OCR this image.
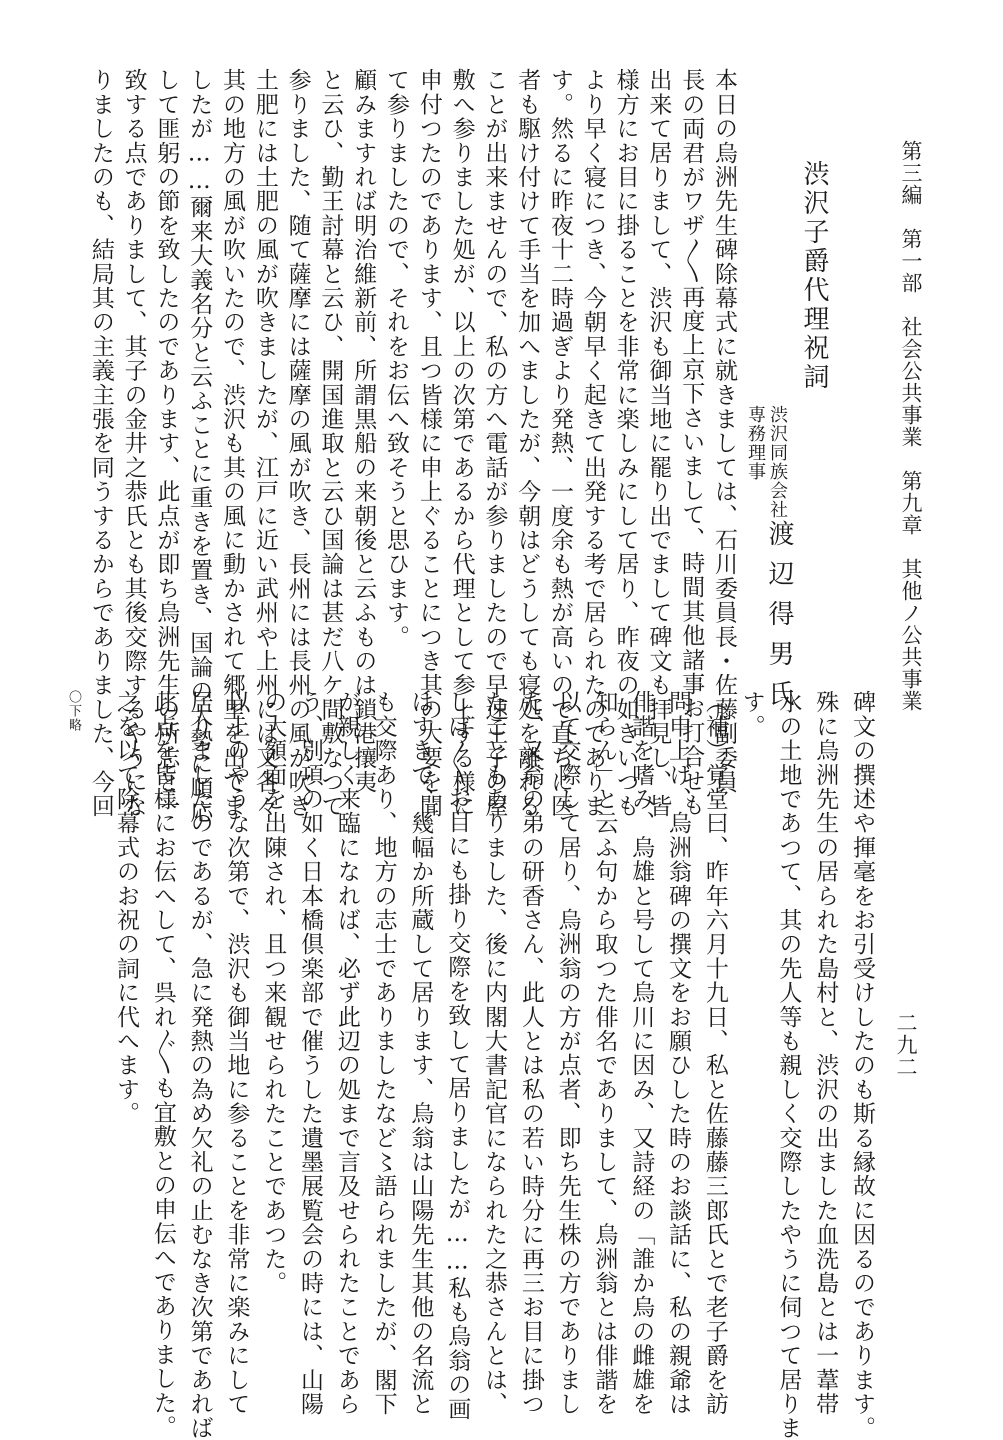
第三編　第一部　社会公共事業　第九章　其他ノ公共事業
二九二
渋沢子爵代理祝詞
渋沢同族会社
専務理事
渡辺得男氏
本日の烏洲先生碑除幕式に就きましては、石川委員長・佐藤副委員
長の両君がワザ〳〵再度上京下さいまして、時間其他諸事お打合せも
出来て居りまして、渋沢も御当地に罷り出でまして碑文も拝見し、皆
様方にお目に掛ることを非常に楽しみにして居り、昨夜の如きいつも
より早く寝につき、今朝早く起きて出発する考で居られたのでありま
す。然るに昨夜十二時過ぎより発熱、一度余も熱が高いので直ちに医
者も駆け付けて手当を加へましたが、今朝はどうしても寝処を離れる
ことが出来ませんので、私の方へ電話が参りましたので早速王子の屋
敷へ参りました処が、以上の次第であるから代理として参上する様に
申付つたのであります、且つ皆様に申上ぐることにつき其の大要を聞
て参りましたので、それをお伝へ致そうと思ひます。
顧みますれば明治維新前、所謂黒船の来朝後と云ふものは鎖港攘夷
と云ひ、勤王討幕と云ひ、開国進取と云ひ国論は甚だ八ケ間敷なつて
参りました、随て薩摩には薩摩の風が吹き、長州には長州の風が吹き
土肥には土肥の風が吹きましたが、江戸に近い武州や上州には又各々
其の地方の風が吹いたので、渋沢も其の風に動かされて郷里を出でま
したが……爾来大義名分と云ふことに重きを置き、国論の大勢に順応
して匪躬の節を致したのであります、此点が即ち烏洲先生の所志と一
致する点でありまして、其子の金井之恭氏とも其後交際するやうにな
りましたのも、結局其の主義主張を同うするからでありました、今回
碑文の撰述や揮毫をお引受けしたのも斯る縁故に因るのであります。
殊に烏洲先生の居られた島村と、渋沢の出ました血洗島とは一葦帯
水の土地であつて、其の先人等も親しく交際したやうに伺つて居りま
す。
（補）覚堂曰、昨年六月十九日、私と佐藤藤三郎氏とで老子爵を訪
問申上げ、烏洲翁碑の撰文をお願ひした時のお談話に、私の親爺は
俳諧を嗜み、烏雄と号して烏川に因み、又詩経の「誰か烏の雌雄を
知らん」と云ふ句から取つた俳名でありまして、烏洲翁とは俳諧を
以て交際して居り、烏洲翁の方が点者、即ち先生株の方でありまし
た、又翁の弟の研香さん、此人とは私の若い時分に再三お目に掛つ
たこともありました、後に内閣大書記官になられた之恭さんとは、
しば〳〵お目にも掛り交際を致して居りましたが……私も烏翁の画
はすきで、幾幅か所蔵して居ります、烏翁は山陽先生其他の名流と
も交際あり、地方の志士でありましたなど〻語られましたが、閣下
が親しく来臨になれば、必ず此辺の処まで言及せられたことであら
う、別項の如く日本橋倶楽部で催うした遺墨展覧会の時には、山陽
の大額面を出陳され、且つ来観せられたことであつた。
以上のやうな次第で、渋沢も御当地に参ることを非常に楽みにして
居りましたのであるが、急に発熱の為め欠礼の止むなき次第であれば
此点を皆様にお伝へして、呉れ〴〵も宜敷との申伝へでありました。
之を以て除幕式のお祝の詞に代へます。
〇下略
